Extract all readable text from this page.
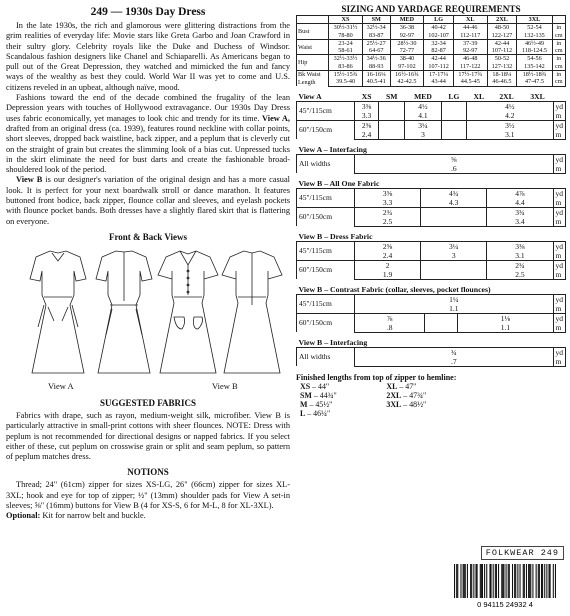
249 — 1930s Day Dress

In the late 1930s, the rich and glamorous were glittering distractions from the grim realities of everyday life: Movie stars like Greta Garbo and Joan Crawford in their sultry glory. Celebrity royals like the Duke and Duchess of Windsor. Scandalous fashion designers like Chanel and Schiaparelli. As Americans began to pull out of the Great Depression, they watched and mimicked the fun and fancy ways of the wealthy as best they could. World War II was yet to come and U.S. citizens reveled in an upbeat, although naïve, mood.

Fashions toward the end of the decade combined the frugality of the lean Depression years with touches of Hollywood extravagance. Our 1930s Day Dress uses fabric economically, yet manages to look chic and trendy for its time. View A, drafted from an original dress (ca. 1939), features round neckline with collar points, short sleeves, dropped back waistline, back zipper, and a peplum that is cleverly cut on the straight of grain but creates the slimming look of a bias cut. Unpressed tucks in the skirt eliminate the need for bust darts and create the fashionable broad-shouldered look of the period.

View B is our designer's variation of the original design and has a more casual look. It is perfect for your next boardwalk stroll or dance marathon. It features buttoned front bodice, back zipper, flounce collar and sleeves, and eyelash pockets with flounce pocket bands. Both dresses have a slightly flared skirt that is flattering on everyone.

Front & Back Views
View A	View B
SUGGESTED FABRICS

Fabrics with drape, such as rayon, medium-weight silk, microfiber. View B is particularly attractive in small-print cottons with sheer flounces. NOTE: Dress with peplum is not recommended for directional designs or napped fabrics. If you select either of these, cut peplum on crosswise grain or split and seam peplum, so pattern of peplum matches dress.

NOTIONS

Thread; 24" (61cm) zipper for sizes XS-LG, 26" (66cm) zipper for sizes XL-3XL; hook and eye for top of zipper; ½" (13mm) shoulder pads for View A set-in sleeves; ⅝" (16mm) buttons for View B (4 for XS-S, 6 for M-L, 8 for XL-3XL).
Optional: Kit for narrow belt and buckle.

SIZING AND YARDAGE REQUIREMENTS
	XS	SM	MED	LG	XL	2XL	3XL	
Bust	30½-31½	32½-34	36-38	40-42	44-46	48-50	52-54	in
	78-80	83-87	92-97	102-107	112-117	122-127	132-135	cm
Waist	23-24	25½-27	28½-30	32-34	37-39	42-44	46½-49	in
	58-61	64-67	72-77	82-87	92-97	107-112	118-124.5	cm
Hip	32½-33½	34½-36	38-40	42-44	46-48	50-52	54-56	in
	83-86	88-93	97-102	107-112	117-122	127-132	135-142	cm
Bk Waist
Length	15½-15¾	16-16¼	16½-16¾	17-17¼	17½-17¾	18-18¼	18½-18¾	in
	39.5-40	40.5-41	42-42.5	43-44	44.5-45	46-46.5	47-47.5	cm
View A	XS	SM	MED	LG	XL	2XL	3XL	
45"/115cm	3⅝		4½		4½			yd
	3.3		4.1		4.2			m
60"/150cm	2⅝		3¼		3½			yd
	2.4		3		3.1			m
View A – Interfacing		
All widths	⅝	yd
	.6	m
View B – All One Fabric				
45"/115cm	3⅝	4¾	4⅞	yd
	3.3	4.3	4.4	m
60"/150cm	2¾		3¾	yd
	2.5		3.4	m
View B – Dress Fabric				
45"/115cm	2⅝	3¼	3⅜	yd
	2.4	3	3.1	m
60"/150cm	2		2¾	yd
	1.9		2.5	m
View B – Contrast Fabric (collar, sleeves, pocket flounces)				
45"/115cm	1¼			yd
	1.1			m
60"/150cm	⅞		1⅛	yd
	.8		1.1	m
View B – Interfacing		
All widths	¾	yd
	.7	m
Finished lengths from top of zipper to hemline:
XS – 44"	XL – 47"
SM – 44¾"	2XL – 47¾"
M – 45½"	3XL – 48½"
L – 46¼"	
FOLKWEAR 249
0 94115 24932 4
